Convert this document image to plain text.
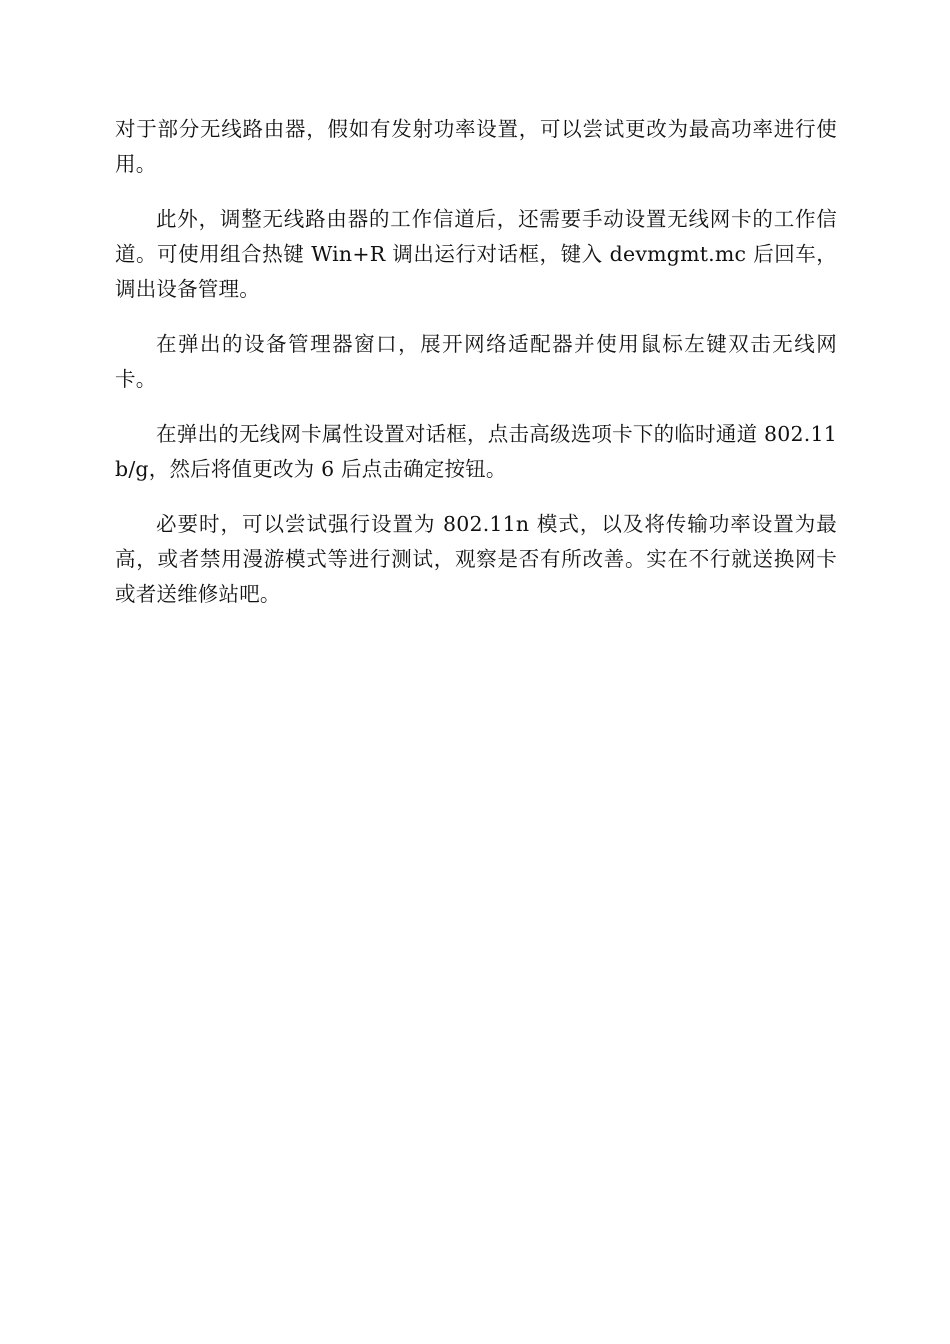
对于部分无线路由器，假如有发射功率设置，可以尝试更改为最高功率进行使用。

此外，调整无线路由器的工作信道后，还需要手动设置无线网卡的工作信道。可使用组合热键 Win+R 调出运行对话框，键入 devmgmt.mc 后回车，调出设备管理。

在弹出的设备管理器窗口，展开网络适配器并使用鼠标左键双击无线网卡。

在弹出的无线网卡属性设置对话框，点击高级选项卡下的临时通道 802.11b/g，然后将值更改为 6 后点击确定按钮。

必要时，可以尝试强行设置为 802.11n 模式，以及将传输功率设置为最高，或者禁用漫游模式等进行测试，观察是否有所改善。实在不行就送换网卡或者送维修站吧。
